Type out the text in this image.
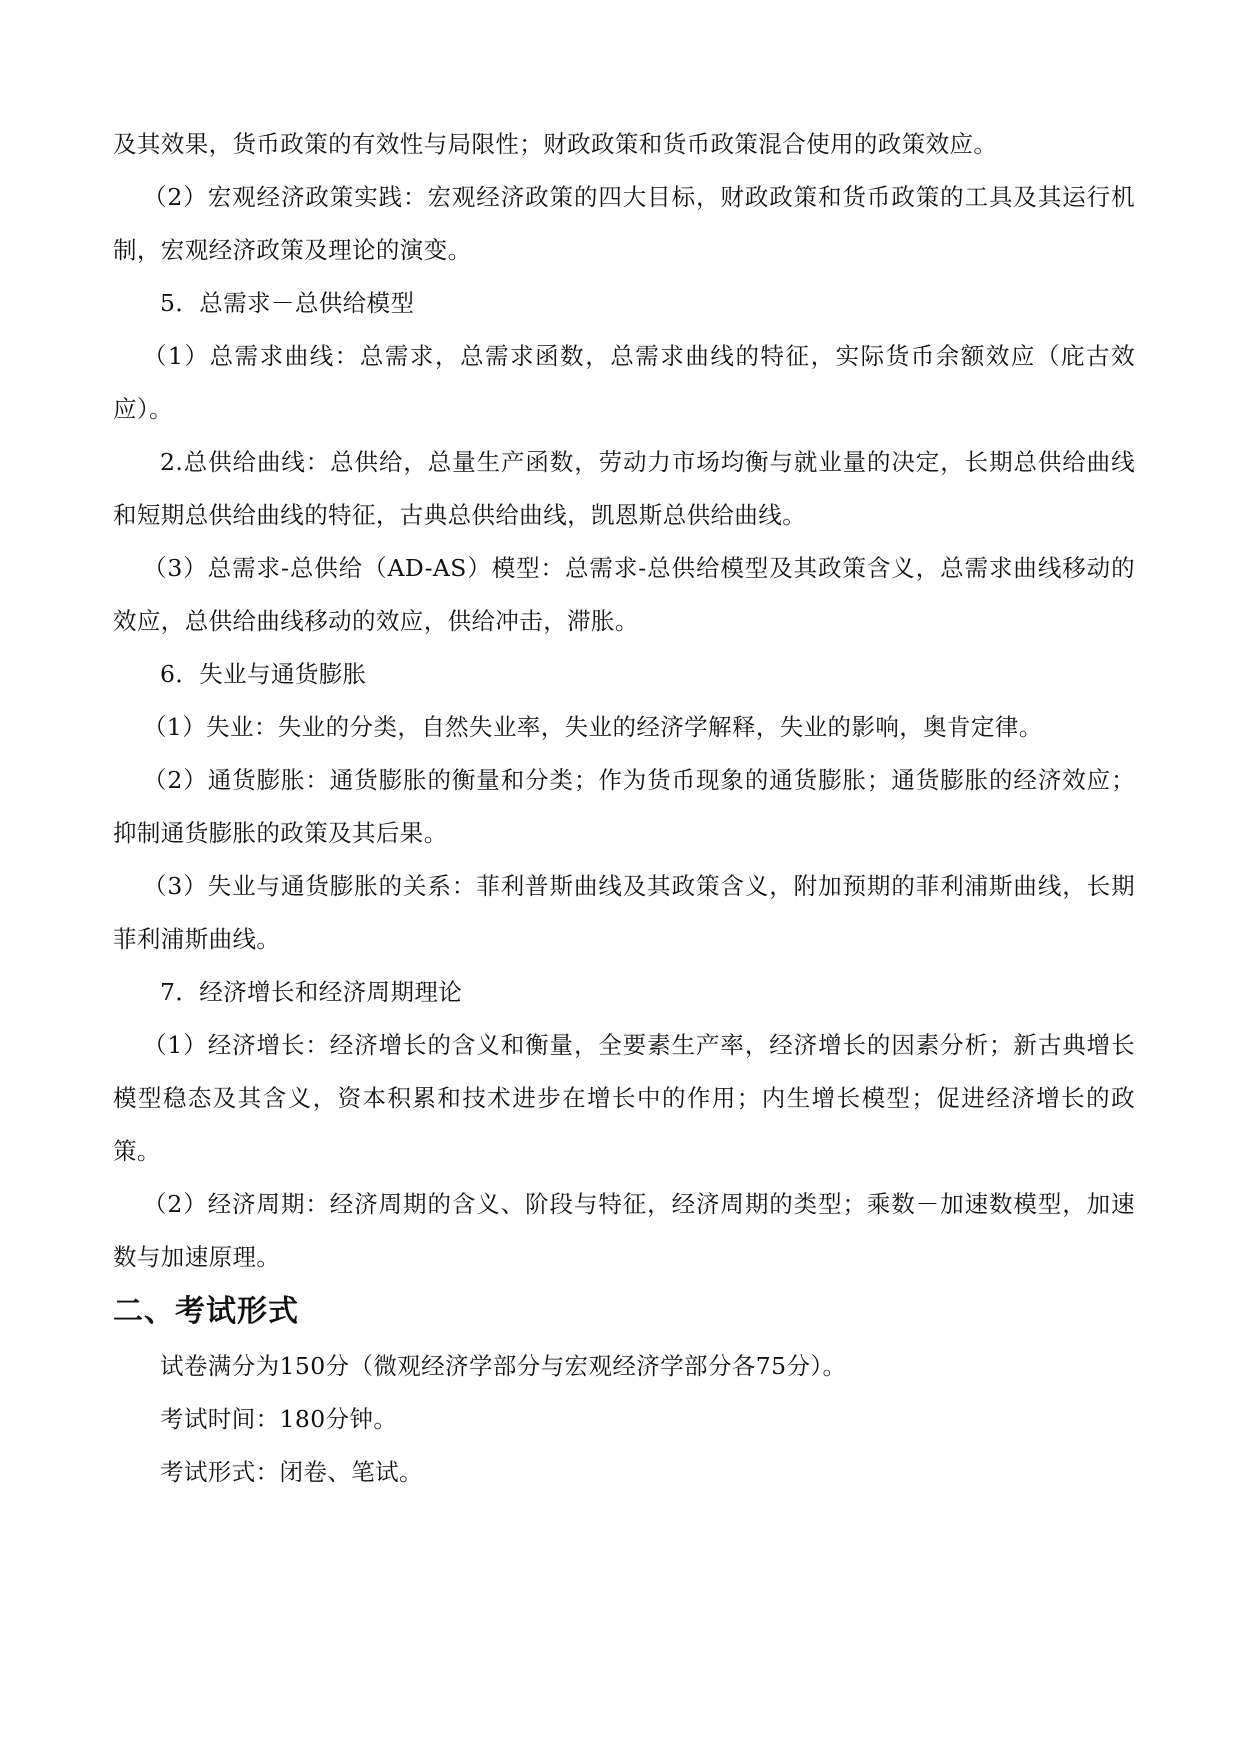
及其效果，货币政策的有效性与局限性；财政政策和货币政策混合使用的政策效应。

（2）宏观经济政策实践：宏观经济政策的四大目标，财政政策和货币政策的工具及其运行机制，宏观经济政策及理论的演变。

5．总需求－总供给模型

（1）总需求曲线：总需求，总需求函数，总需求曲线的特征，实际货币余额效应（庇古效应）。

2.总供给曲线：总供给，总量生产函数，劳动力市场均衡与就业量的决定，长期总供给曲线和短期总供给曲线的特征，古典总供给曲线，凯恩斯总供给曲线。

（3）总需求-总供给（AD-AS）模型：总需求-总供给模型及其政策含义，总需求曲线移动的效应，总供给曲线移动的效应，供给冲击，滞胀。

6．失业与通货膨胀

（1）失业：失业的分类，自然失业率，失业的经济学解释，失业的影响，奥肯定律。

（2）通货膨胀：通货膨胀的衡量和分类；作为货币现象的通货膨胀；通货膨胀的经济效应；抑制通货膨胀的政策及其后果。

（3）失业与通货膨胀的关系：菲利普斯曲线及其政策含义，附加预期的菲利浦斯曲线，长期菲利浦斯曲线。

7．经济增长和经济周期理论

（1）经济增长：经济增长的含义和衡量，全要素生产率，经济增长的因素分析；新古典增长模型稳态及其含义，资本积累和技术进步在增长中的作用；内生增长模型；促进经济增长的政策。

（2）经济周期：经济周期的含义、阶段与特征，经济周期的类型；乘数－加速数模型，加速数与加速原理。

二、考试形式

试卷满分为150分（微观经济学部分与宏观经济学部分各75分）。

考试时间：180分钟。

考试形式：闭卷、笔试。
